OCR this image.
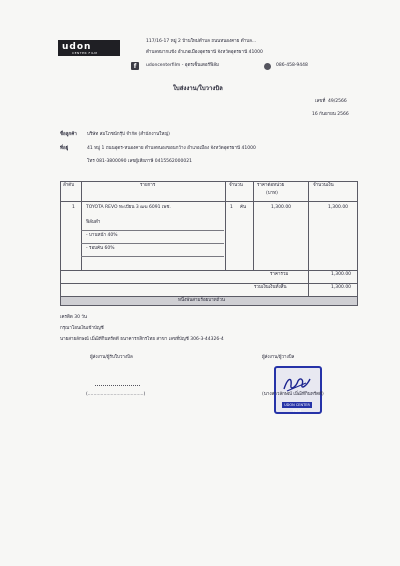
udon
CENTER FILM
117/16-17 หมู่ 2 บ้านใหม่ตำบล ถนนหนองคาย ตำบล...
ตำบลหมากแข้ง อำเภอเมืองอุดรธานี จังหวัดอุดรธานี 41000
f	udoncenterfilm - อุดรเซ็นเตอร์ฟิล์ม	086-458-9448
ใบส่งงาน/ใบวางบิล
เลขที่ 49/2566
16 กันยายน 2566
ชื่อลูกค้า บริษัท สมโภชน์กรุ๊ป จำกัด (สำนักงานใหญ่)
ที่อยู่	41 หมู่ 1 ถนนอุดร-หนองคาย ตำบลหนองขอนกว้าง อำเภอเมือง จังหวัดอุดรธานี 41000
โทร 081-3800090 เลขผู้เสียภาษี 0415562000021
ลำดับ	รายการ	จำนวน	ราคาต่อหน่วย
(บาท)
จำนวนเงิน
1 TOYOTA REVO ทะเบียน 3 ฒฆ 6091 เพช.	1 คัน	1,300.00	1,300.00
ฟิล์มดำ
- บานหน้า 40%
- รอบคัน 60%
ราคารวม	1,300.00
รวมเงินเงินทั้งสิ้น	1,300.00
หนึ่งพันสามร้อยบาทถ้วน
เครดิต 30 วัน
กรุณาโอนเงินเข้าบัญชี
นายสายลักษณ์ เมิ่ฒิทีกินทร์ดดี ธนาคารกสิกรไทย สาขา เลขที่บัญชี 306-3-44326-4
ผู้ส่งงาน/ผู้รับใบวางบิล
(.......................................)
ผู้ส่งงาน/ผู้วางบิล
UDON CENTER FILM
(นางสาวลักษณ์ เมิ่ฒิทีกินทร์ดดี)
